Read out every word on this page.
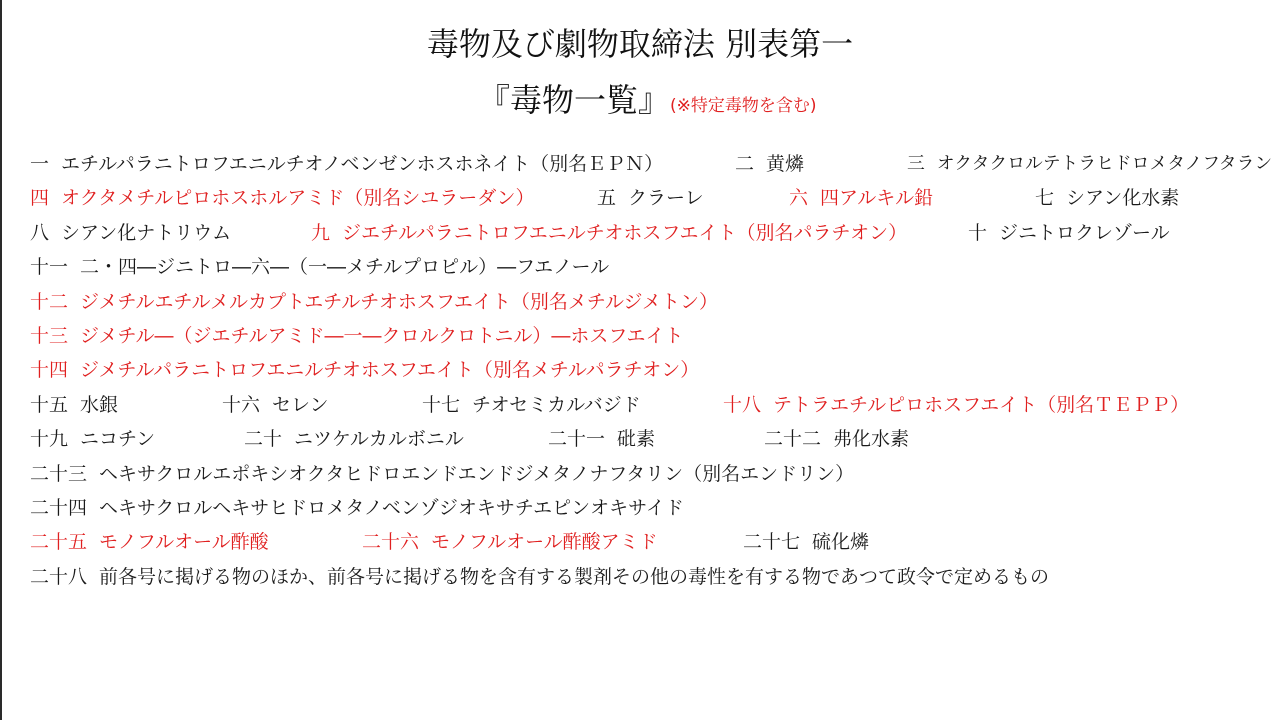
毒物及び劇物取締法 別表第一
『毒物一覧』(※特定毒物を含む)
一 エチルパラニトロフエニルチオノベンゼンホスホネイト（別名ＥＰＮ）	二 黄燐	三 オクタクロルテトラヒドロメタノフタラン
四 オクタメチルピロホスホルアミド（別名シユラーダン）	五 クラーレ	六 四アルキル鉛	七 シアン化水素
八 シアン化ナトリウム	九 ジエチルパラニトロフエニルチオホスフエイト（別名パラチオン）	十 ジニトロクレゾール
十一 二・四―ジニトロ―六―（一―メチルプロピル）―フエノール
十二 ジメチルエチルメルカプトエチルチオホスフエイト（別名メチルジメトン）
十三 ジメチル―（ジエチルアミド―一―クロルクロトニル）―ホスフエイト
十四 ジメチルパラニトロフエニルチオホスフエイト（別名メチルパラチオン）
十五 水銀	十六 セレン	十七 チオセミカルバジド	十八 テトラエチルピロホスフエイト（別名ＴＥＰＰ）
十九 ニコチン	二十 ニツケルカルボニル	二十一 砒素	二十二 弗化水素
二十三 ヘキサクロルエポキシオクタヒドロエンドエンドジメタノナフタリン（別名エンドリン）
二十四 ヘキサクロルヘキサヒドロメタノベンゾジオキサチエピンオキサイド
二十五 モノフルオール酢酸	二十六 モノフルオール酢酸アミド	二十七 硫化燐
二十八 前各号に掲げる物のほか、前各号に掲げる物を含有する製剤その他の毒性を有する物であつて政令で定めるもの
